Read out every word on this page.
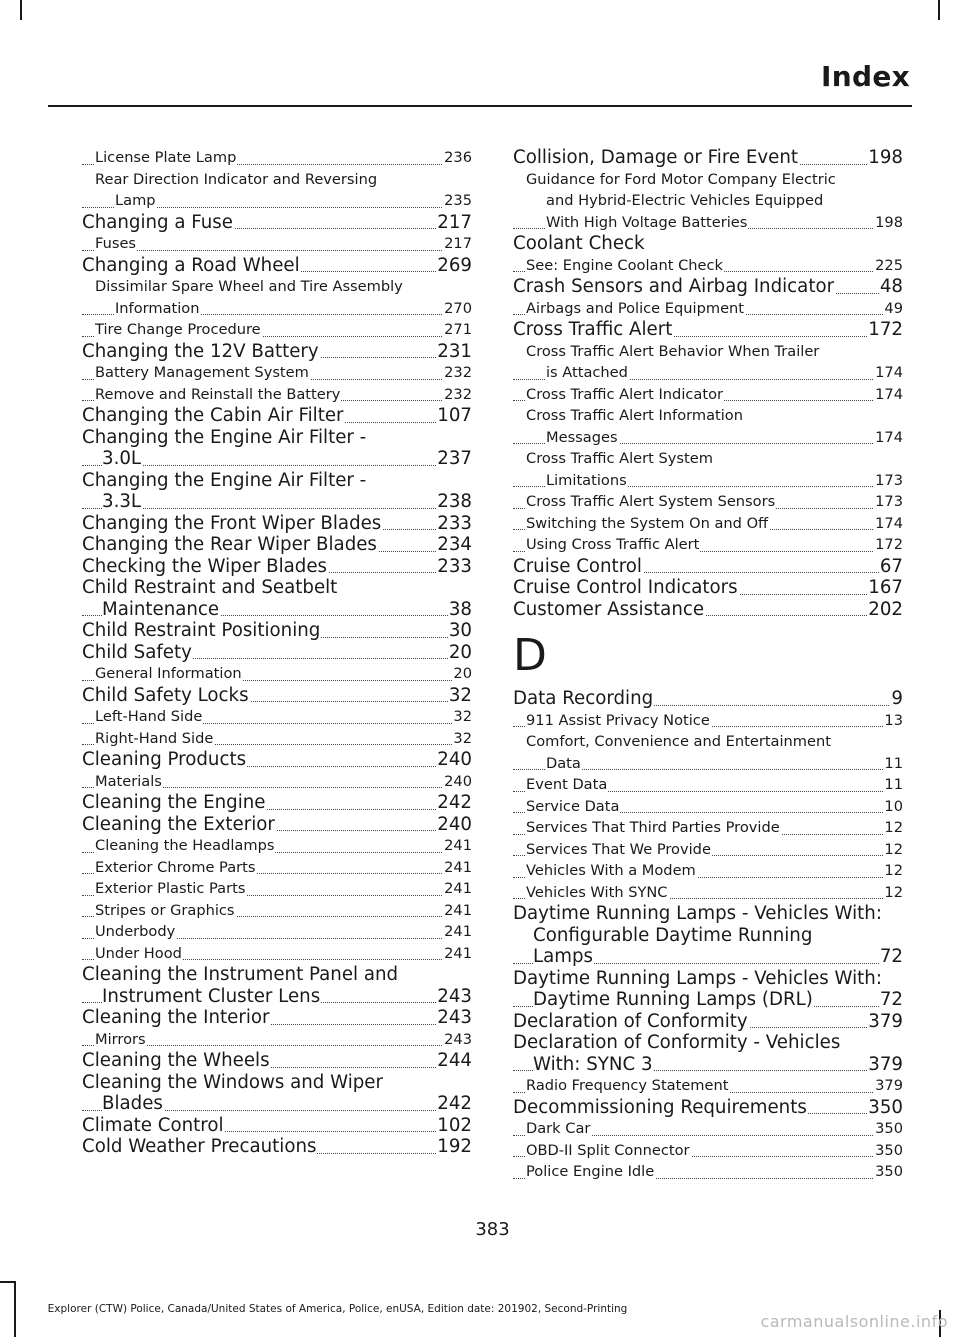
Index
License Plate Lamp	236
Rear Direction Indicator and Reversing
Lamp	235
Changing a Fuse	217
Fuses	217
Changing a Road Wheel	269
Dissimilar Spare Wheel and Tire Assembly
Information	270
Tire Change Procedure	271
Changing the 12V Battery	231
Battery Management System	232
Remove and Reinstall the Battery	232
Changing the Cabin Air Filter	107
Changing the Engine Air Filter -
3.0L	237
Changing the Engine Air Filter -
3.3L	238
Changing the Front Wiper Blades	233
Changing the Rear Wiper Blades	234
Checking the Wiper Blades	233
Child Restraint and Seatbelt
Maintenance	38
Child Restraint Positioning	30
Child Safety	20
General Information	20
Child Safety Locks	32
Left-Hand Side	32
Right-Hand Side	32
Cleaning Products	240
Materials	240
Cleaning the Engine	242
Cleaning the Exterior	240
Cleaning the Headlamps	241
Exterior Chrome Parts	241
Exterior Plastic Parts	241
Stripes or Graphics	241
Underbody	241
Under Hood	241
Cleaning the Instrument Panel and
Instrument Cluster Lens	243
Cleaning the Interior	243
Mirrors	243
Cleaning the Wheels	244
Cleaning the Windows and Wiper
Blades	242
Climate Control	102
Cold Weather Precautions	192
Collision, Damage or Fire Event	198
Guidance for Ford Motor Company Electric
and Hybrid-Electric Vehicles Equipped
With High Voltage Batteries	198
Coolant Check
See: Engine Coolant Check	225
Crash Sensors and Airbag Indicator	48
Airbags and Police Equipment	49
Cross Traffic Alert	172
Cross Traffic Alert Behavior When Trailer
is Attached	174
Cross Traffic Alert Indicator	174
Cross Traffic Alert Information
Messages	174
Cross Traffic Alert System
Limitations	173
Cross Traffic Alert System Sensors	173
Switching the System On and Off	174
Using Cross Traffic Alert	172
Cruise Control	67
Cruise Control Indicators	167
Customer Assistance	202
D
Data Recording	9
911 Assist Privacy Notice	13
Comfort, Convenience and Entertainment
Data	11
Event Data	11
Service Data	10
Services That Third Parties Provide	12
Services That We Provide	12
Vehicles With a Modem	12
Vehicles With SYNC	12
Daytime Running Lamps - Vehicles With:
Configurable Daytime Running
Lamps	72
Daytime Running Lamps - Vehicles With:
Daytime Running Lamps (DRL)	72
Declaration of Conformity	379
Declaration of Conformity - Vehicles
With: SYNC 3	379
Radio Frequency Statement	379
Decommissioning Requirements	350
Dark Car	350
OBD-II Split Connector	350
Police Engine Idle	350
383
Explorer (CTW) Police, Canada/United States of America, Police, enUSA, Edition date: 201902, Second-Printing
carmanualsonline.info
